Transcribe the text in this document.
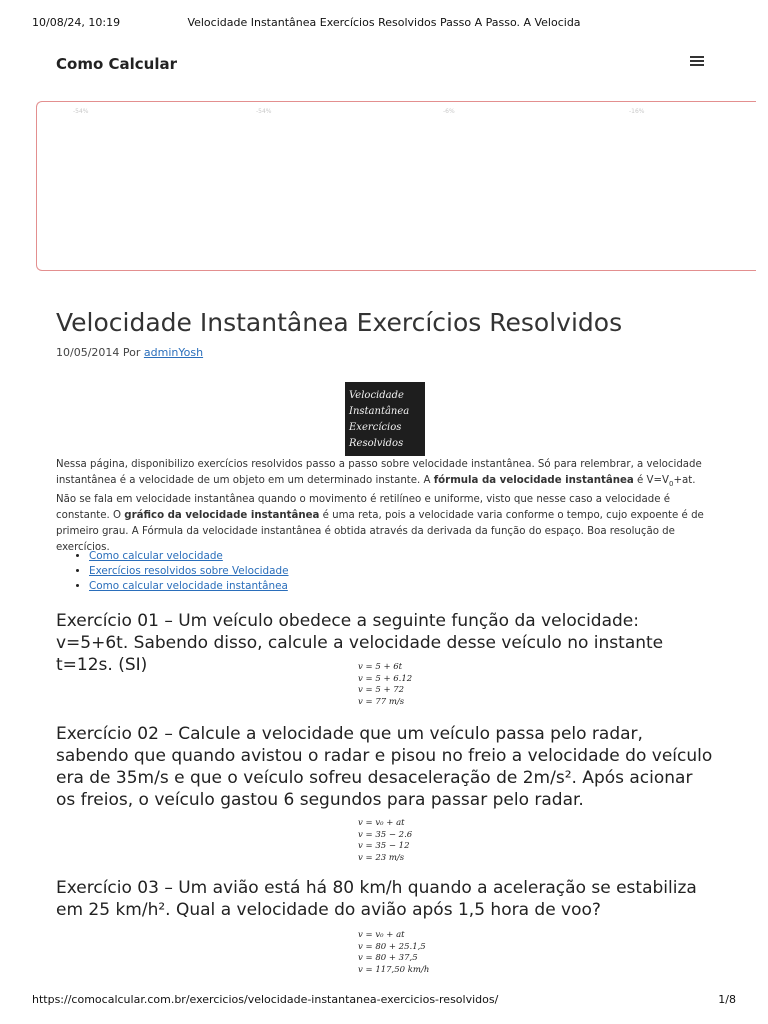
10/08/24, 10:19	Velocidade Instantânea Exercícios Resolvidos Passo A Passo. A Velocida
Como Calcular
-54%	-54%	-6%	-16%
Velocidade Instantânea Exercícios Resolvidos
10/05/2014 Por adminYosh
Velocidade
Instantânea
Exercícios
Resolvidos

Nessa página, disponibilizo exercícios resolvidos passo a passo sobre velocidade instantânea. Só para relembrar, a velocidade instantânea é a velocidade de um objeto em um determinado instante. A fórmula da velocidade instantânea é $V=V_0+at$. Não se fala em velocidade instantânea quando o movimento é retilíneo e uniforme, visto que nesse caso a velocidade é constante. O gráfico da velocidade instantânea é uma reta, pois a velocidade varia conforme o tempo, cujo expoente é de primeiro grau. A Fórmula da velocidade instantânea é obtida através da derivada da função do espaço. Boa resolução de exercícios.

• Como calcular velocidade
• Exercícios resolvidos sobre Velocidade
• Como calcular velocidade instantânea
Exercício 01 – Um veículo obedece a seguinte função da velocidade: v=5+6t. Sabendo disso, calcule a velocidade desse veículo no instante t=12s. (SI)	v = 5 + 6t
v = 5 + 6.12
v = 5 + 72
v = 77 m/s
Exercício 02 – Calcule a velocidade que um veículo passa pelo radar, sabendo que quando avistou o radar e pisou no freio a velocidade do veículo era de 35m/s e que o veículo sofreu desaceleração de 2m/s². Após acionar os freios, o veículo gastou 6 segundos para passar pelo radar.
v = v₀ + at
v = 35 − 2.6
v = 35 − 12
v = 23 m/s
Exercício 03 – Um avião está há 80 km/h quando a aceleração se estabiliza em 25 km/h². Qual a velocidade do avião após 1,5 hora de voo?
v = v₀ + at
v = 80 + 25.1,5
v = 80 + 37,5
v = 117,50 km/h
https://comocalcular.com.br/exercicios/velocidade-instantanea-exercicios-resolvidos/	1/8
